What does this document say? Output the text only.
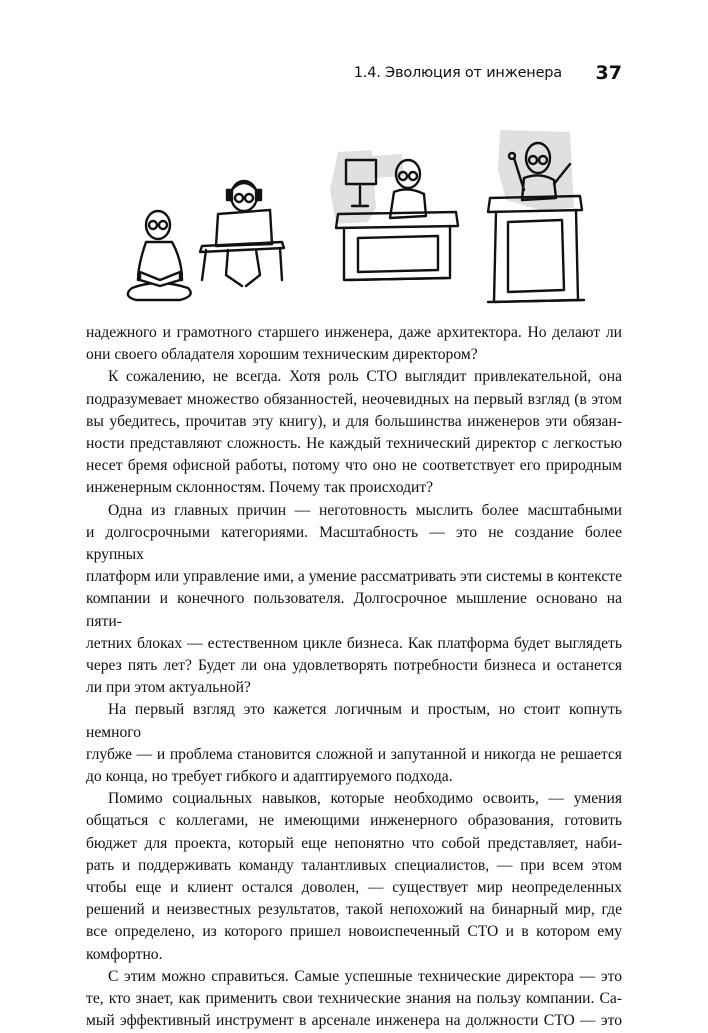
1.4. Эволюция от инженера 37

надежного и грамотного старшего инженера, даже архитектора. Но делают ли

они своего обладателя хорошим техническим директором?

К сожалению, не всегда. Хотя роль CTO выглядит привлекательной, она

подразумевает множество обязанностей, неочевидных на первый взгляд (в этом

вы убедитесь, прочитав эту книгу), и для большинства инженеров эти обязан-

ности представляют сложность. Не каждый технический директор с легкостью

несет бремя офисной работы, потому что оно не соответствует его природным

инженерным склонностям. Почему так происходит?

Одна из главных причин — неготовность мыслить более масштабными

и долгосрочными категориями. Масштабность — это не создание более крупных

платформ или управление ими, а умение рассматривать эти системы в контексте

компании и конечного пользователя. Долгосрочное мышление основано на пяти-

летних блоках — естественном цикле бизнеса. Как платформа будет выглядеть

через пять лет? Будет ли она удовлетворять потребности бизнеса и останется

ли при этом актуальной?

На первый взгляд это кажется логичным и простым, но стоит копнуть немного

глубже — и проблема становится сложной и запутанной и никогда не решается

до конца, но требует гибкого и адаптируемого подхода.

Помимо социальных навыков, которые необходимо освоить, — умения

общаться с коллегами, не имеющими инженерного образования, готовить

бюджет для проекта, который еще непонятно что собой представляет, наби-

рать и поддерживать команду талантливых специалистов, — при всем этом

чтобы еще и клиент остался доволен, — существует мир неопределенных

решений и неизвестных результатов, такой непохожий на бинарный мир, где

все определено, из которого пришел новоиспеченный CTO и в котором ему

комфортно.

С этим можно справиться. Самые успешные технические директора — это

те, кто знает, как применить свои технические знания на пользу компании. Са-

мый эффективный инструмент в арсенале инженера на должности CTO — это
